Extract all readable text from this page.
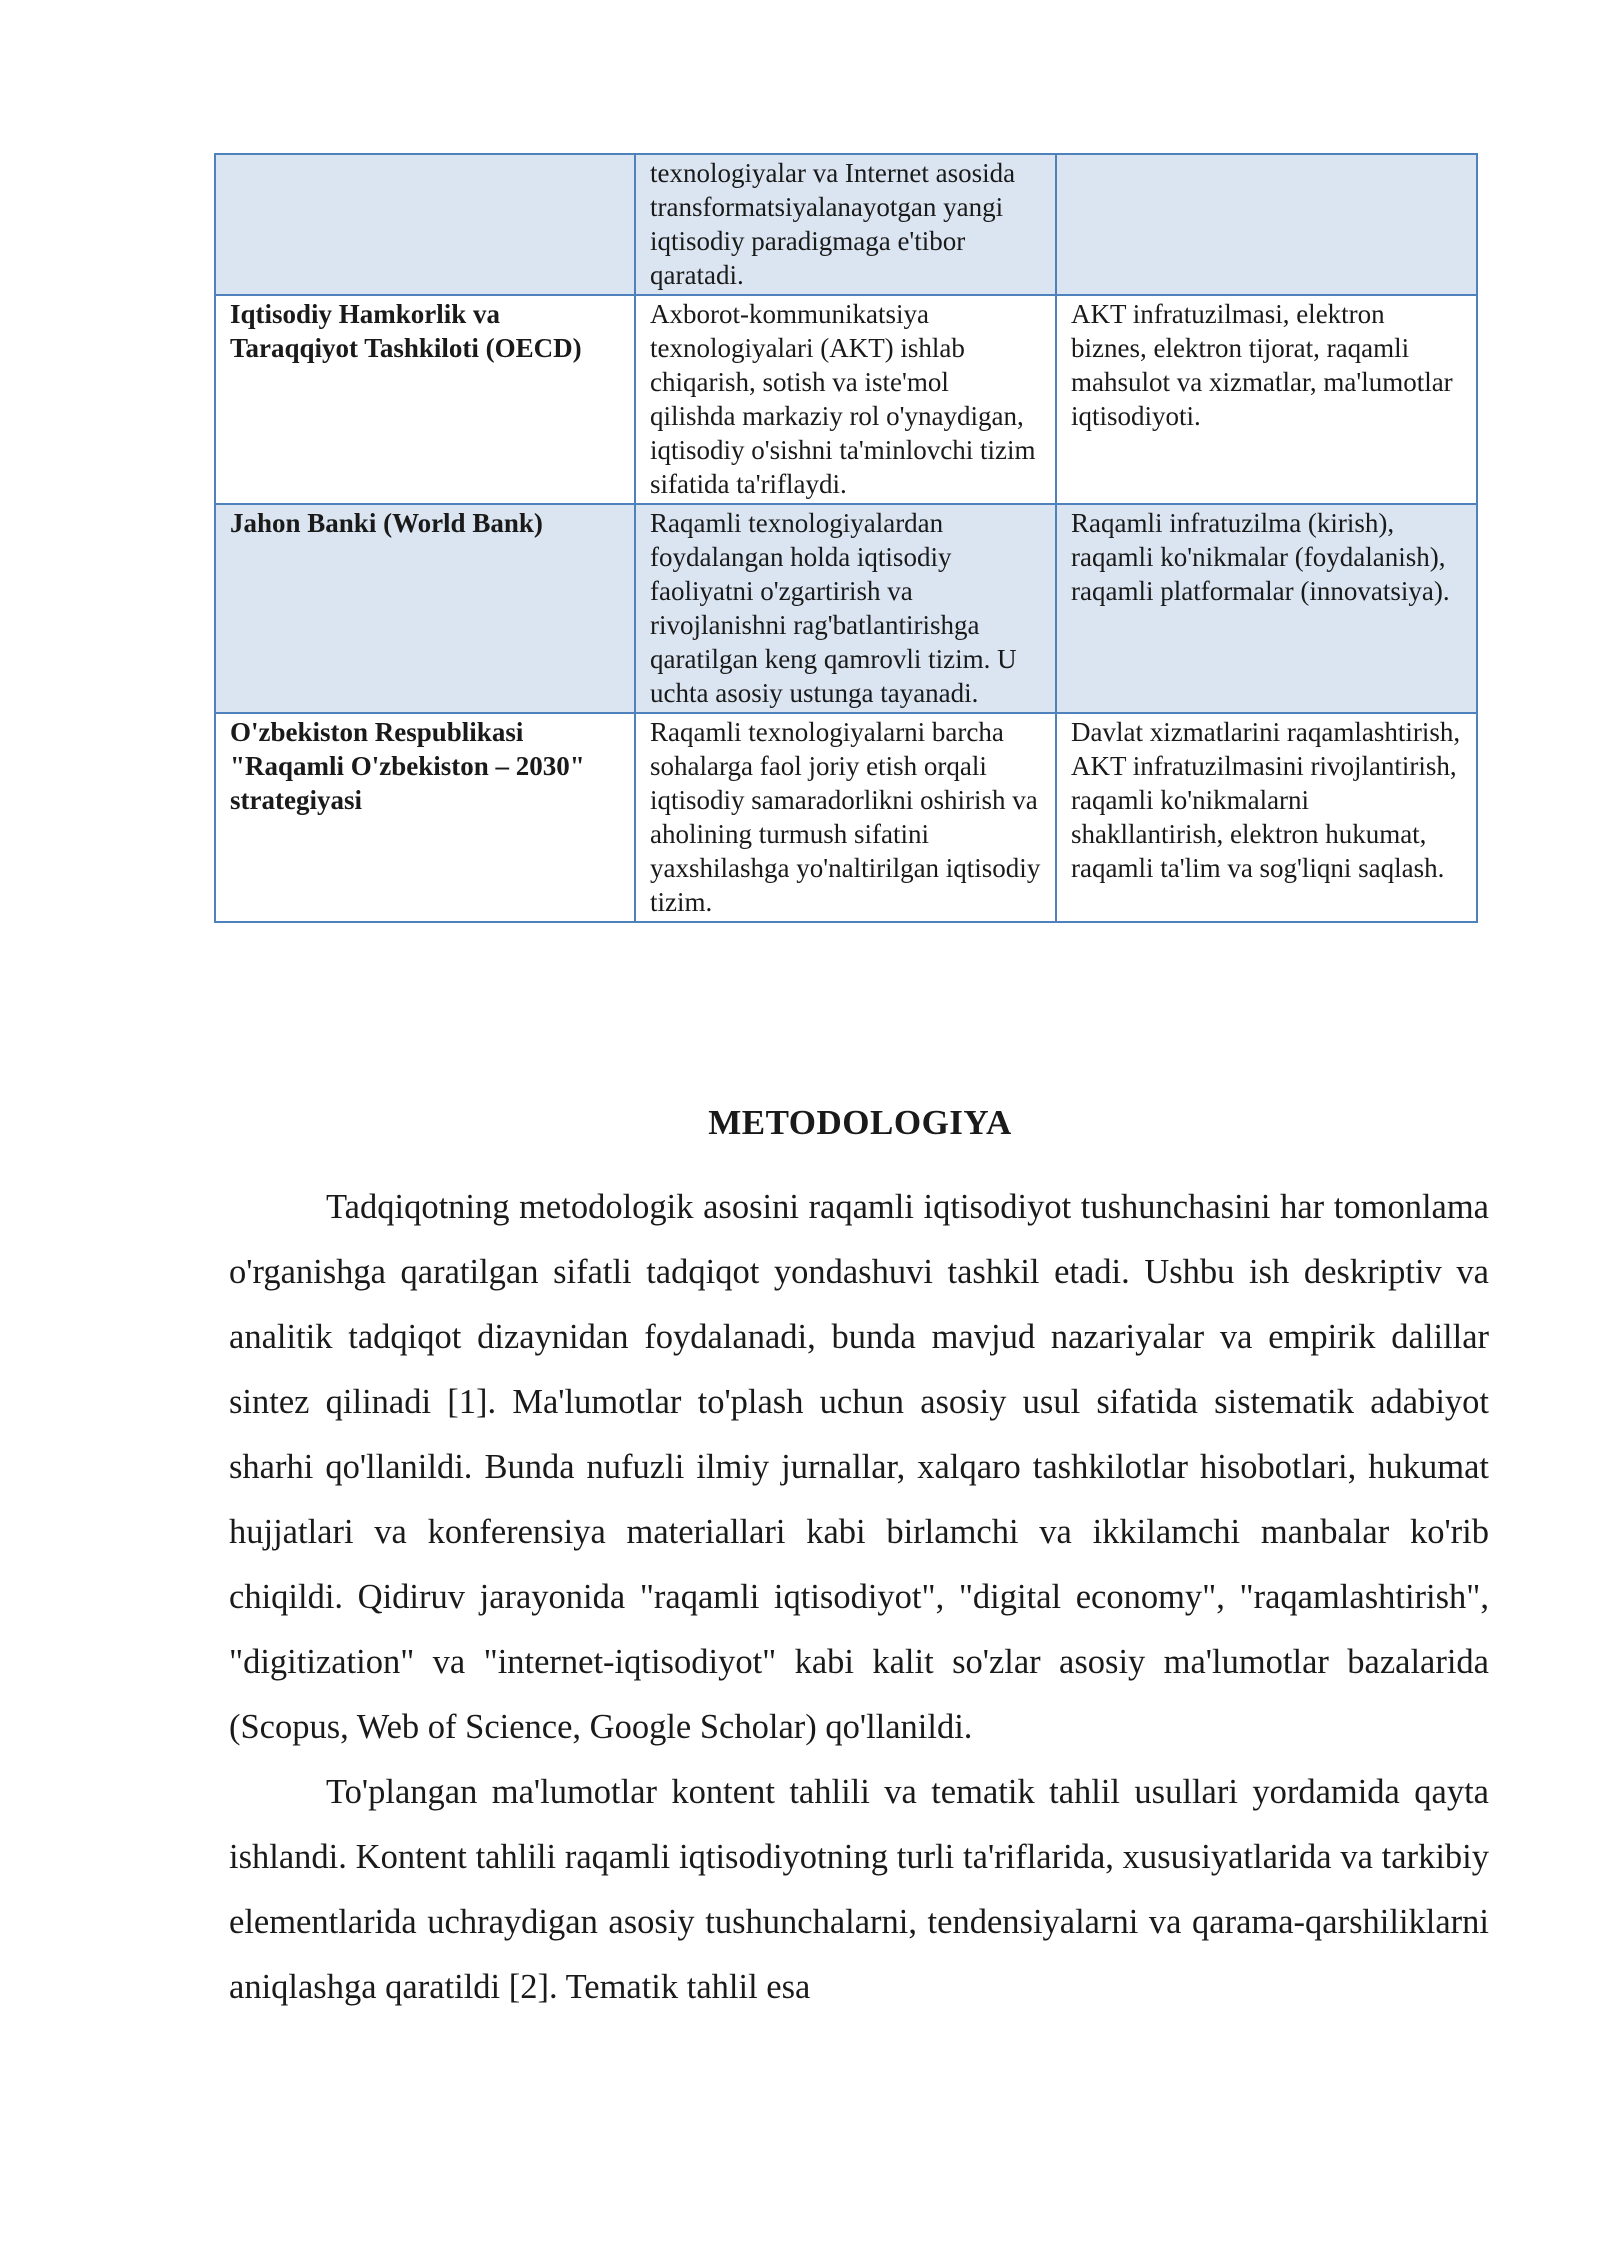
	texnologiyalar va Internet asosida transformatsiyalanayotgan yangi iqtisodiy paradigmaga e'tibor qaratadi.	
Iqtisodiy Hamkorlik va Taraqqiyot Tashkiloti (OECD)	Axborot-kommunikatsiya texnologiyalari (AKT) ishlab chiqarish, sotish va iste'mol qilishda markaziy rol o'ynaydigan, iqtisodiy o'sishni ta'minlovchi tizim sifatida ta'riflaydi.	AKT infratuzilmasi, elektron biznes, elektron tijorat, raqamli mahsulot va xizmatlar, ma'lumotlar iqtisodiyoti.
Jahon Banki (World Bank)	Raqamli texnologiyalardan foydalangan holda iqtisodiy faoliyatni o'zgartirish va rivojlanishni rag'batlantirishga qaratilgan keng qamrovli tizim. U uchta asosiy ustunga tayanadi.	Raqamli infratuzilma (kirish), raqamli ko'nikmalar (foydalanish), raqamli platformalar (innovatsiya).
O'zbekiston Respublikasi "Raqamli O'zbekiston – 2030" strategiyasi	Raqamli texnologiyalarni barcha sohalarga faol joriy etish orqali iqtisodiy samaradorlikni oshirish va aholining turmush sifatini yaxshilashga yo'naltirilgan iqtisodiy tizim.	Davlat xizmatlarini raqamlashtirish, AKT infratuzilmasini rivojlantirish, raqamli ko'nikmalarni shakllantirish, elektron hukumat, raqamli ta'lim va sog'liqni saqlash.
METODOLOGIYA

Tadqiqotning metodologik asosini raqamli iqtisodiyot tushunchasini har tomonlama o'rganishga qaratilgan sifatli tadqiqot yondashuvi tashkil etadi. Ushbu ish deskriptiv va analitik tadqiqot dizaynidan foydalanadi, bunda mavjud nazariyalar va empirik dalillar sintez qilinadi [1]. Ma'lumotlar to'plash uchun asosiy usul sifatida sistematik adabiyot sharhi qo'llanildi. Bunda nufuzli ilmiy jurnallar, xalqaro tashkilotlar hisobotlari, hukumat hujjatlari va konferensiya materiallari kabi birlamchi va ikkilamchi manbalar ko'rib chiqildi. Qidiruv jarayonida "raqamli iqtisodiyot", "digital economy", "raqamlashtirish", "digitization" va "internet-iqtisodiyot" kabi kalit so'zlar asosiy ma'lumotlar bazalarida (Scopus, Web of Science, Google Scholar) qo'llanildi.

To'plangan ma'lumotlar kontent tahlili va tematik tahlil usullari yordamida qayta ishlandi. Kontent tahlili raqamli iqtisodiyotning turli ta'riflarida, xususiyatlarida va tarkibiy elementlarida uchraydigan asosiy tushunchalarni, tendensiyalarni va qarama-qarshiliklarni aniqlashga qaratildi [2]. Tematik tahlil esa
